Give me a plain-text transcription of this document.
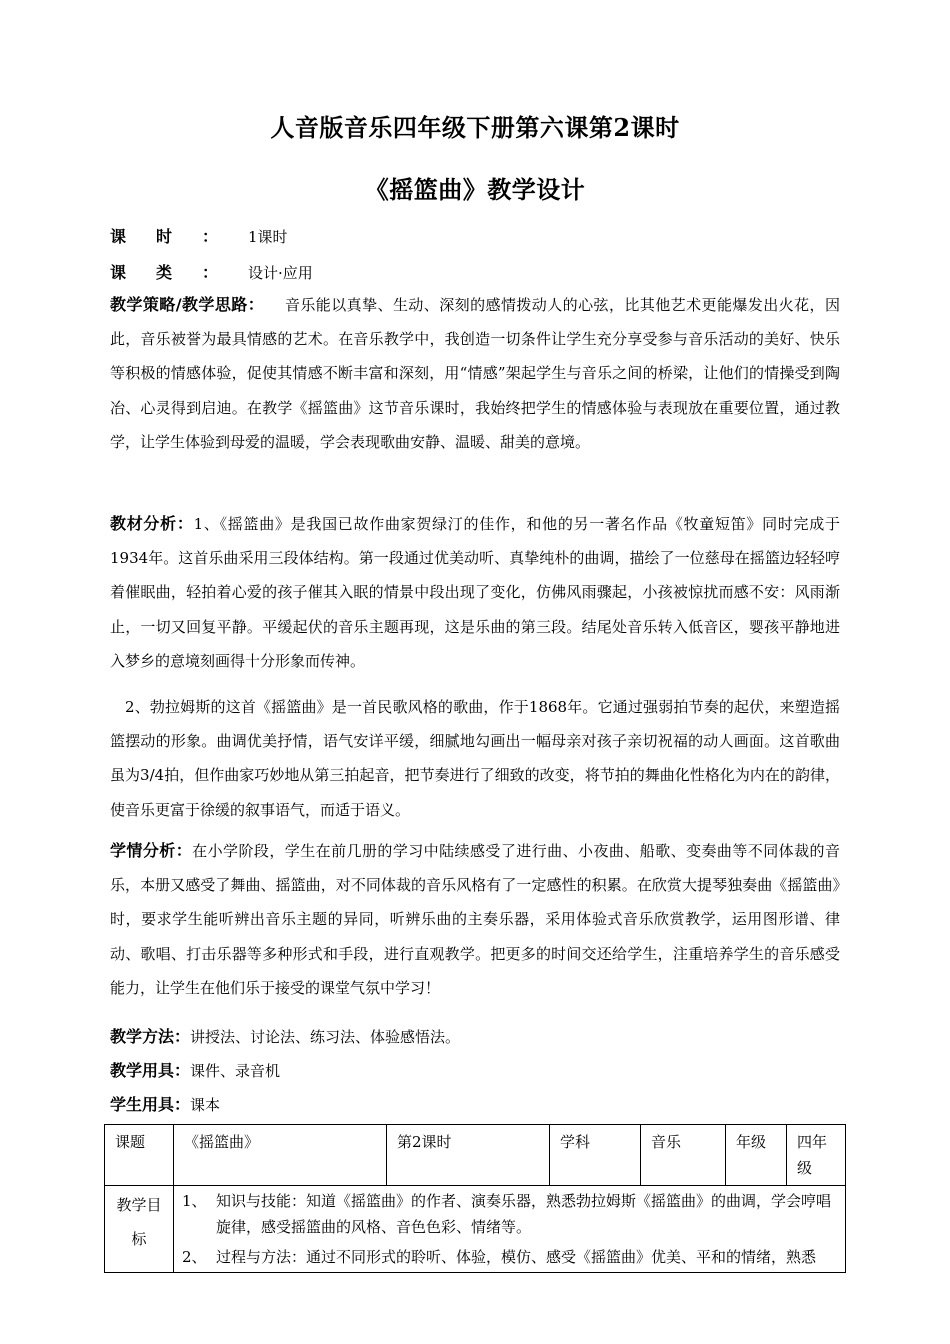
人音版音乐四年级下册第六课第2课时
《摇篮曲》教学设计
课时：1课时
课类：设计·应用
教学策略/教学思路： 音乐能以真挚、生动、深刻的感情拨动人的心弦，比其他艺术更能爆发出火花，因此，音乐被誉为最具情感的艺术。在音乐教学中，我创造一切条件让学生充分享受参与音乐活动的美好、快乐等积极的情感体验，促使其情感不断丰富和深刻，用“情感”架起学生与音乐之间的桥梁，让他们的情操受到陶冶、心灵得到启迪。在教学《摇篮曲》这节音乐课时，我始终把学生的情感体验与表现放在重要位置，通过教学，让学生体验到母爱的温暖，学会表现歌曲安静、温暖、甜美的意境。
教材分析：1、《摇篮曲》是我国已故作曲家贺绿汀的佳作，和他的另一著名作品《牧童短笛》同时完成于1934年。这首乐曲采用三段体结构。第一段通过优美动听、真挚纯朴的曲调，描绘了一位慈母在摇篮边轻轻哼着催眠曲，轻拍着心爱的孩子催其入眠的情景中段出现了变化，仿佛风雨骤起，小孩被惊扰而感不安：风雨渐止，一切又回复平静。平缓起伏的音乐主题再现，这是乐曲的第三段。结尾处音乐转入低音区，婴孩平静地进入梦乡的意境刻画得十分形象而传神。
2、勃拉姆斯的这首《摇篮曲》是一首民歌风格的歌曲，作于1868年。它通过强弱拍节奏的起伏，来塑造摇篮摆动的形象。曲调优美抒情，语气安详平缓，细腻地勾画出一幅母亲对孩子亲切祝福的动人画面。这首歌曲虽为3/4拍，但作曲家巧妙地从第三拍起音，把节奏进行了细致的改变，将节拍的舞曲化性格化为内在的韵律，使音乐更富于徐缓的叙事语气，而适于语义。
学情分析：在小学阶段，学生在前几册的学习中陆续感受了进行曲、小夜曲、船歌、变奏曲等不同体裁的音乐，本册又感受了舞曲、摇篮曲，对不同体裁的音乐风格有了一定感性的积累。在欣赏大提琴独奏曲《摇篮曲》时，要求学生能听辨出音乐主题的异同，听辨乐曲的主奏乐器，采用体验式音乐欣赏教学，运用图形谱、律动、歌唱、打击乐器等多种形式和手段，进行直观教学。把更多的时间交还给学生，注重培养学生的音乐感受能力，让学生在他们乐于接受的课堂气氛中学习！
教学方法：讲授法、讨论法、练习法、体验感悟法。
教学用具：课件、录音机
学生用具：课本
课题	《摇篮曲》	第2课时	学科	音乐	年级	四年级
教学目标	1、 知识与技能：知道《摇篮曲》的作者、演奏乐器，熟悉勃拉姆斯《摇篮曲》的曲调，学会哼唱旋律，感受摇篮曲的风格、音色色彩、情绪等。
2、 过程与方法：通过不同形式的聆听、体验，模仿、感受《摇篮曲》优美、平和的情绪，熟悉					
